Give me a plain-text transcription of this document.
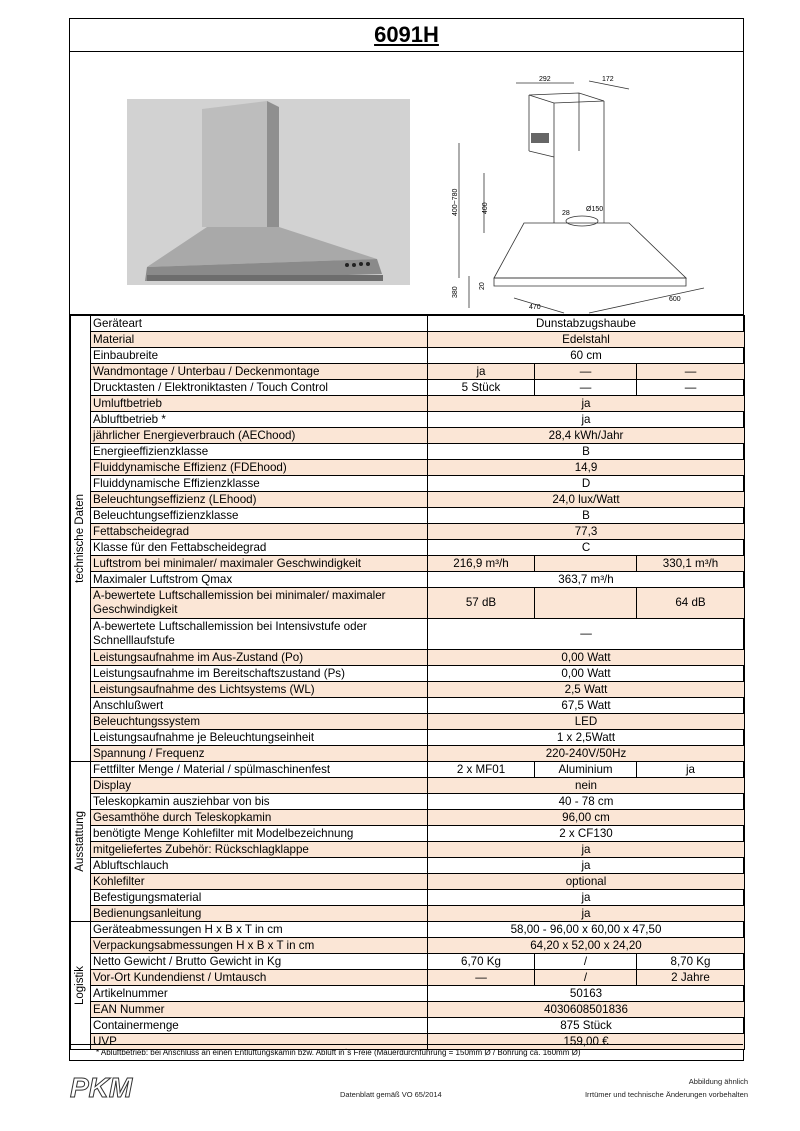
6091H
292	172
400~780	400
380
20
470
600
Ø150
28
technische Daten	Geräteart	Dunstabzugshaube		
	Material	Edelstahl		
	Einbaubreite	60 cm		
	Wandmontage / Unterbau / Deckenmontage	ja	—	—
	Drucktasten / Elektroniktasten / Touch Control	5 Stück	—	—
	Umluftbetrieb	ja		
	Abluftbetrieb *	ja		
	jährlicher Energieverbrauch (AEChood)	28,4 kWh/Jahr		
	Energieeffizienzklasse	B		
	Fluiddynamische Effizienz (FDEhood)	14,9		
	Fluiddynamische Effizienzklasse	D		
	Beleuchtungseffizienz (LEhood)	24,0 lux/Watt		
	Beleuchtungseffizienzklasse	B		
	Fettabscheidegrad	77,3		
	Klasse für den Fettabscheidegrad	C		
	Luftstrom bei minimaler/ maximaler Geschwindigkeit	216,9 m³/h		330,1 m³/h
	Maximaler Luftstrom Qmax	363,7 m³/h		
	A-bewertete Luftschallemission bei minimaler/ maximaler Geschwindigkeit	57 dB		64 dB
	A-bewertete Luftschallemission bei Intensivstufe oder Schnelllaufstufe	—		
	Leistungsaufnahme im Aus-Zustand (Po)	0,00 Watt		
	Leistungsaufnahme im Bereitschaftszustand (Ps)	0,00 Watt		
	Leistungsaufnahme des Lichtsystems (WL)	2,5 Watt		
	Anschlußwert	67,5 Watt		
	Beleuchtungssystem	LED		
	Leistungsaufnahme je Beleuchtungseinheit	1 x 2,5Watt		
	Spannung / Frequenz	220-240V/50Hz		

Ausstattung	Fettfilter Menge / Material / spülmaschinenfest	2 x MF01	Aluminium	ja
	Display	nein		
	Teleskopkamin ausziehbar von bis	40 - 78 cm		
	Gesamthöhe durch Teleskopkamin	96,00 cm		
	benötigte Menge Kohlefilter mit Modelbezeichnung	2 x CF130		
	mitgeliefertes Zubehör: Rückschlagklappe	ja		
	Abluftschlauch	ja		
	Kohlefilter	optional		
	Befestigungsmaterial	ja		
	Bedienungsanleitung	ja		

Logistik	Geräteabmessungen H x B x T in cm	58,00 - 96,00 x 60,00 x 47,50		
	Verpackungsabmessungen H x B x T in cm	64,20 x 52,00 x 24,20		
	Netto Gewicht / Brutto Gewicht in Kg	6,70 Kg	/	8,70 Kg
	Vor-Ort Kundendienst / Umtausch	—	/	2 Jahre
	Artikelnummer	50163		
	EAN Nummer	4030608501836		
	Containermenge	875 Stück		
	UVP	159,00 €		
* Abluftbetrieb: bei Anschluss an einen Entlüftungskamin bzw. Abluft in´s Freie (Mauerdurchführung = 150mm Ø / Bohrung ca. 160mm Ø)
PKM	Datenblatt gemäß VO 65/2014
Abbildung ähnlich
Irrtümer und technische Änderungen vorbehalten
